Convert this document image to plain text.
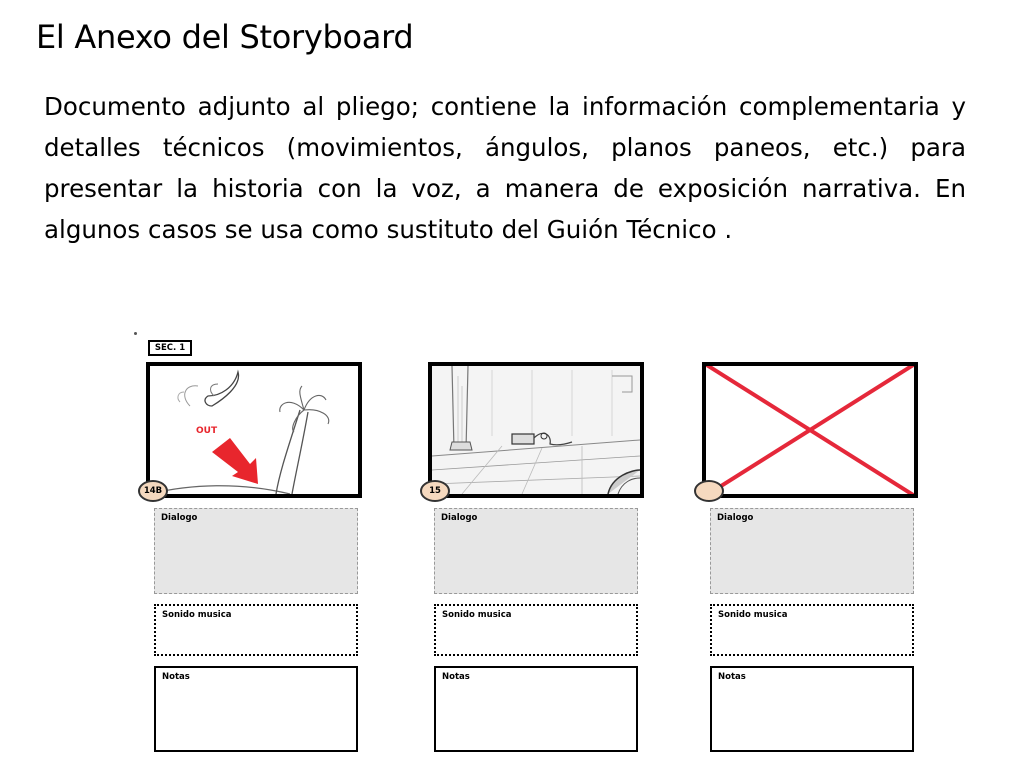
El Anexo del Storyboard

Documento adjunto al pliego; contiene la información complementaria y detalles técnicos (movimientos, ángulos, planos paneos, etc.) para presentar la historia con la voz, a manera de exposición narrativa. En algunos casos se usa como sustituto del Guión Técnico .

SEC. 1
OUT
14B
Dialogo
Sonido musica
Notas
15
Dialogo
Sonido musica
Notas
Dialogo
Sonido musica
Notas
